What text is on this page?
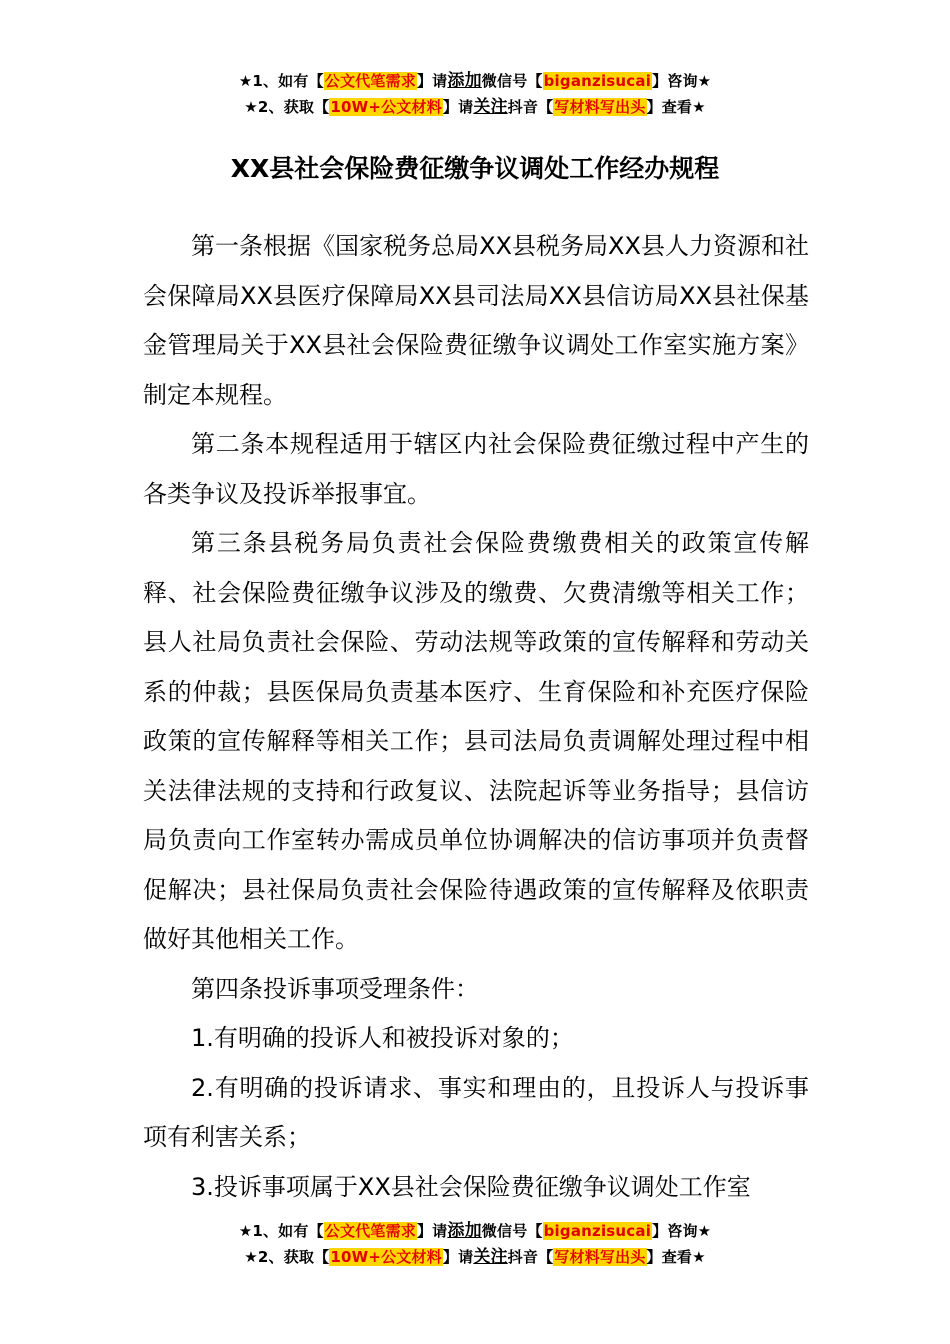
★1、如有【公文代笔需求】请添加微信号【biganzisucai】咨询★
★2、获取【10W+公文材料】请关注抖音【写材料写出头】查看★
XX县社会保险费征缴争议调处工作经办规程

第一条根据《国家税务总局XX县税务局XX县人力资源和社会保障局XX县医疗保障局XX县司法局XX县信访局XX县社保基金管理局关于XX县社会保险费征缴争议调处工作室实施方案》制定本规程。

第二条本规程适用于辖区内社会保险费征缴过程中产生的各类争议及投诉举报事宜。

第三条县税务局负责社会保险费缴费相关的政策宣传解释、社会保险费征缴争议涉及的缴费、欠费清缴等相关工作；县人社局负责社会保险、劳动法规等政策的宣传解释和劳动关系的仲裁；县医保局负责基本医疗、生育保险和补充医疗保险政策的宣传解释等相关工作；县司法局负责调解处理过程中相关法律法规的支持和行政复议、法院起诉等业务指导；县信访局负责向工作室转办需成员单位协调解决的信访事项并负责督促解决；县社保局负责社会保险待遇政策的宣传解释及依职责做好其他相关工作。

第四条投诉事项受理条件：

1.有明确的投诉人和被投诉对象的；

2.有明确的投诉请求、事实和理由的，且投诉人与投诉事项有利害关系；

3.投诉事项属于XX县社会保险费征缴争议调处工作室

★1、如有【公文代笔需求】请添加微信号【biganzisucai】咨询★
★2、获取【10W+公文材料】请关注抖音【写材料写出头】查看★
